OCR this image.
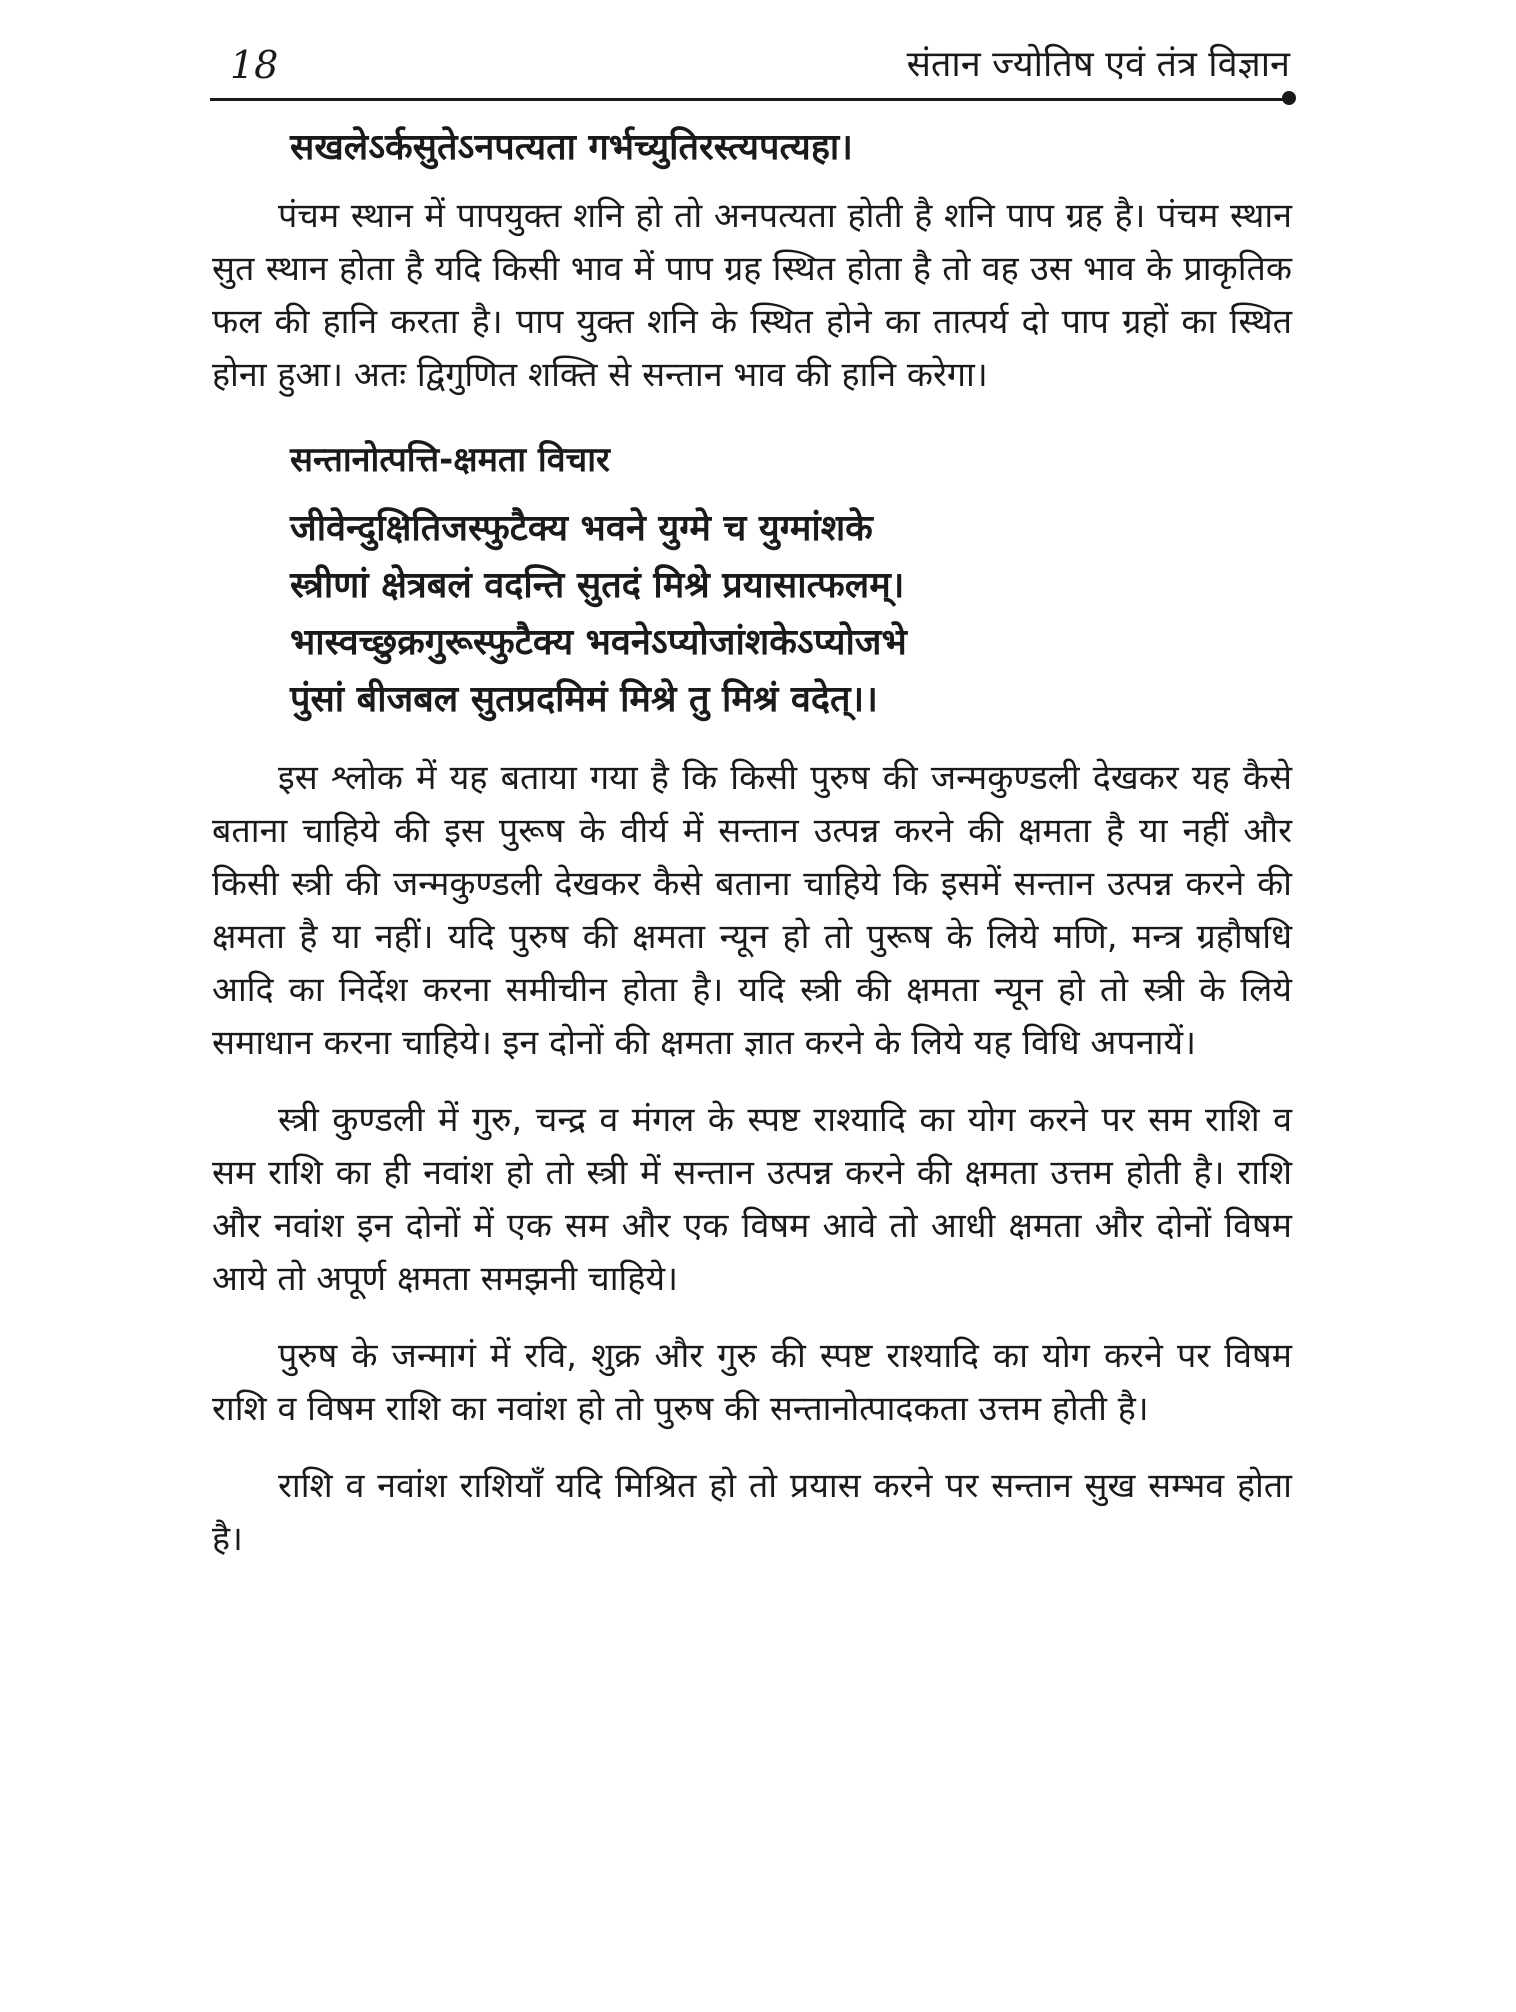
18	संतान ज्योतिष एवं तंत्र विज्ञान

सखलेऽर्कसुतेऽनपत्यता गर्भच्युतिरस्त्यपत्यहा।

पंचम स्थान में पापयुक्त शनि हो तो अनपत्यता होती है शनि पाप ग्रह है। पंचम स्थान सुत स्थान होता है यदि किसी भाव में पाप ग्रह स्थित होता है तो वह उस भाव के प्राकृतिक फल की हानि करता है। पाप युक्त शनि के स्थित होने का तात्पर्य दो पाप ग्रहों का स्थित होना हुआ। अतः द्विगुणित शक्ति से सन्तान भाव की हानि करेगा।

सन्तानोत्पत्ति-क्षमता विचार

जीवेन्दुक्षितिजस्फुटैक्य भवने युग्मे च युग्मांशके
स्त्रीणां क्षेत्रबलं वदन्ति सुतदं मिश्रे प्रयासात्फलम्।
भास्वच्छुक्रगुरूस्फुटैक्य भवनेऽप्योजांशकेऽप्योजभे
पुंसां बीजबल सुतप्रदमिमं मिश्रे तु मिश्रं वदेत्।।

इस श्लोक में यह बताया गया है कि किसी पुरुष की जन्मकुण्डली देखकर यह कैसे बताना चाहिये की इस पुरूष के वीर्य में सन्तान उत्पन्न करने की क्षमता है या नहीं और किसी स्त्री की जन्मकुण्डली देखकर कैसे बताना चाहिये कि इसमें सन्तान उत्पन्न करने की क्षमता है या नहीं। यदि पुरुष की क्षमता न्यून हो तो पुरूष के लिये मणि, मन्त्र ग्रहौषधि आदि का निर्देश करना समीचीन होता है। यदि स्त्री की क्षमता न्यून हो तो स्त्री के लिये समाधान करना चाहिये। इन दोनों की क्षमता ज्ञात करने के लिये यह विधि अपनायें।

स्त्री कुण्डली में गुरु, चन्द्र व मंगल के स्पष्ट राश्यादि का योग करने पर सम राशि व सम राशि का ही नवांश हो तो स्त्री में सन्तान उत्पन्न करने की क्षमता उत्तम होती है। राशि और नवांश इन दोनों में एक सम और एक विषम आवे तो आधी क्षमता और दोनों विषम आये तो अपूर्ण क्षमता समझनी चाहिये।

पुरुष के जन्मागं में रवि, शुक्र और गुरु की स्पष्ट राश्यादि का योग करने पर विषम राशि व विषम राशि का नवांश हो तो पुरुष की सन्तानोत्पादकता उत्तम होती है।

राशि व नवांश राशियाँ यदि मिश्रित हो तो प्रयास करने पर सन्तान सुख सम्भव होता है।
